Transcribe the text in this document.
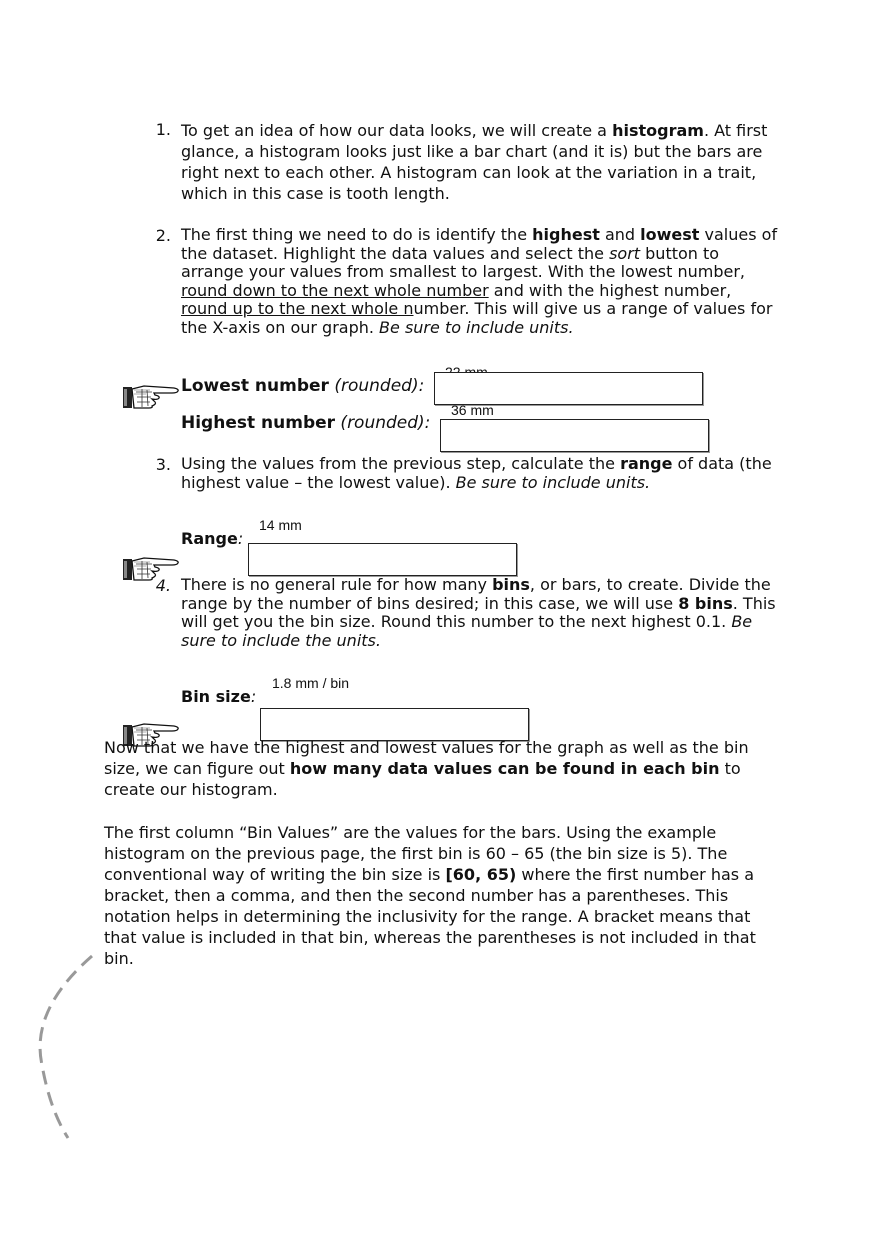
1. To get an idea of how our data looks, we will create a histogram. At first glance, a histogram looks just like a bar chart (and it is) but the bars are right next to each other. A histogram can look at the variation in a trait, which in this case is tooth length.
2. The first thing we need to do is identify the highest and lowest values of the dataset. Highlight the data values and select the sort button to arrange your values from smallest to largest. With the lowest number, round down to the next whole number and with the highest number, round up to the next whole number. This will give us a range of values for the X-axis on our graph. Be sure to include units.
Lowest number (rounded):
Highest number (rounded):
36 mm
3. Using the values from the previous step, calculate the range of data (the highest value – the lowest value). Be sure to include units.
Range:
14 mm
4. There is no general rule for how many bins, or bars, to create. Divide the range by the number of bins desired; in this case, we will use 8 bins. This will get you the bin size. Round this number to the next highest 0.1. Be sure to include the units.
Bin size:
1.8 mm / bin
Now that we have the highest and lowest values for the graph as well as the bin size, we can figure out how many data values can be found in each bin to create our histogram.
The first column “Bin Values” are the values for the bars. Using the example histogram on the previous page, the first bin is 60 – 65 (the bin size is 5). The conventional way of writing the bin size is [60, 65) where the first number has a bracket, then a comma, and then the second number has a parentheses. This notation helps in determining the inclusivity for the range. A bracket means that that value is included in that bin, whereas the parentheses is not included in that bin.
